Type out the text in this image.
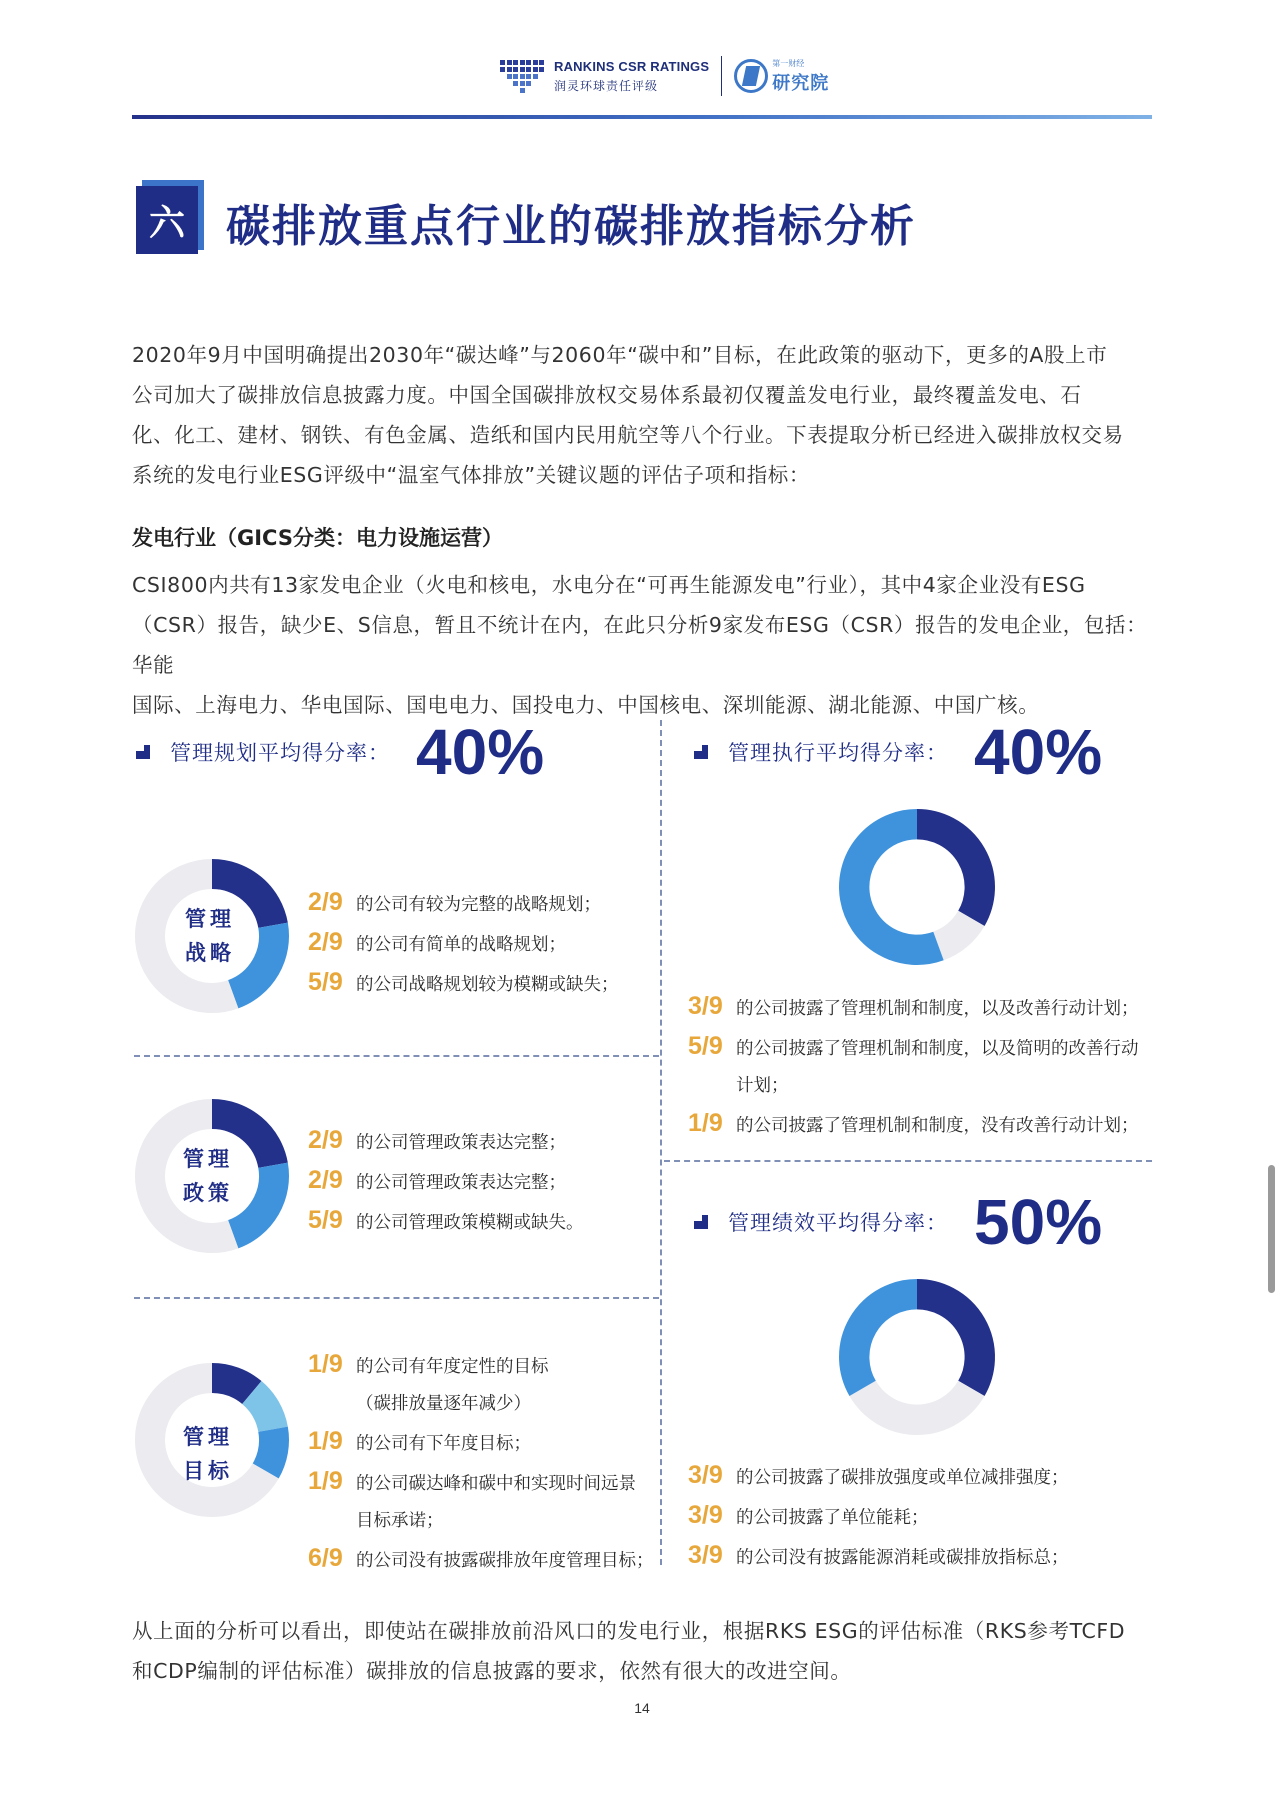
RANKINS CSR RATINGS
润灵环球责任评级
第一财经
研究院
六 碳排放重点行业的碳排放指标分析
2020年9月中国明确提出2030年“碳达峰”与2060年“碳中和”目标，在此政策的驱动下，更多的A股上市
公司加大了碳排放信息披露力度。中国全国碳排放权交易体系最初仅覆盖发电行业，最终覆盖发电、石
化、化工、建材、钢铁、有色金属、造纸和国内民用航空等八个行业。下表提取分析已经进入碳排放权交易
系统的发电行业ESG评级中“温室气体排放”关键议题的评估子项和指标：
发电行业（GICS分类：电力设施运营）
CSI800内共有13家发电企业（火电和核电，水电分在“可再生能源发电”行业），其中4家企业没有ESG
（CSR）报告，缺少E、S信息，暂且不统计在内，在此只分析9家发布ESG（CSR）报告的发电企业，包括：华能
国际、上海电力、华电国际、国电电力、国投电力、中国核电、深圳能源、湖北能源、中国广核。
管理规划平均得分率： 40%
管理
战略
2/9 的公司有较为完整的战略规划；
2/9 的公司有简单的战略规划；
5/9 的公司战略规划较为模糊或缺失；
管理
政策
2/9 的公司管理政策表达完整；
2/9 的公司管理政策表达完整；
5/9 的公司管理政策模糊或缺失。
管理
目标
1/9 的公司有年度定性的目标
（碳排放量逐年减少）
1/9 的公司有下年度目标；
1/9 的公司碳达峰和碳中和实现时间远景
目标承诺；
6/9 的公司没有披露碳排放年度管理目标；
管理执行平均得分率： 40%
3/9 的公司披露了管理机制和制度，以及改善行动计划；
5/9 的公司披露了管理机制和制度，以及简明的改善行动
计划；
1/9 的公司披露了管理机制和制度，没有改善行动计划；
管理绩效平均得分率： 50%
3/9 的公司披露了碳排放强度或单位减排强度；
3/9 的公司披露了单位能耗；
3/9 的公司没有披露能源消耗或碳排放指标总；
从上面的分析可以看出，即使站在碳排放前沿风口的发电行业，根据RKS ESG的评估标准（RKS参考TCFD
和CDP编制的评估标准）碳排放的信息披露的要求，依然有很大的改进空间。
14
